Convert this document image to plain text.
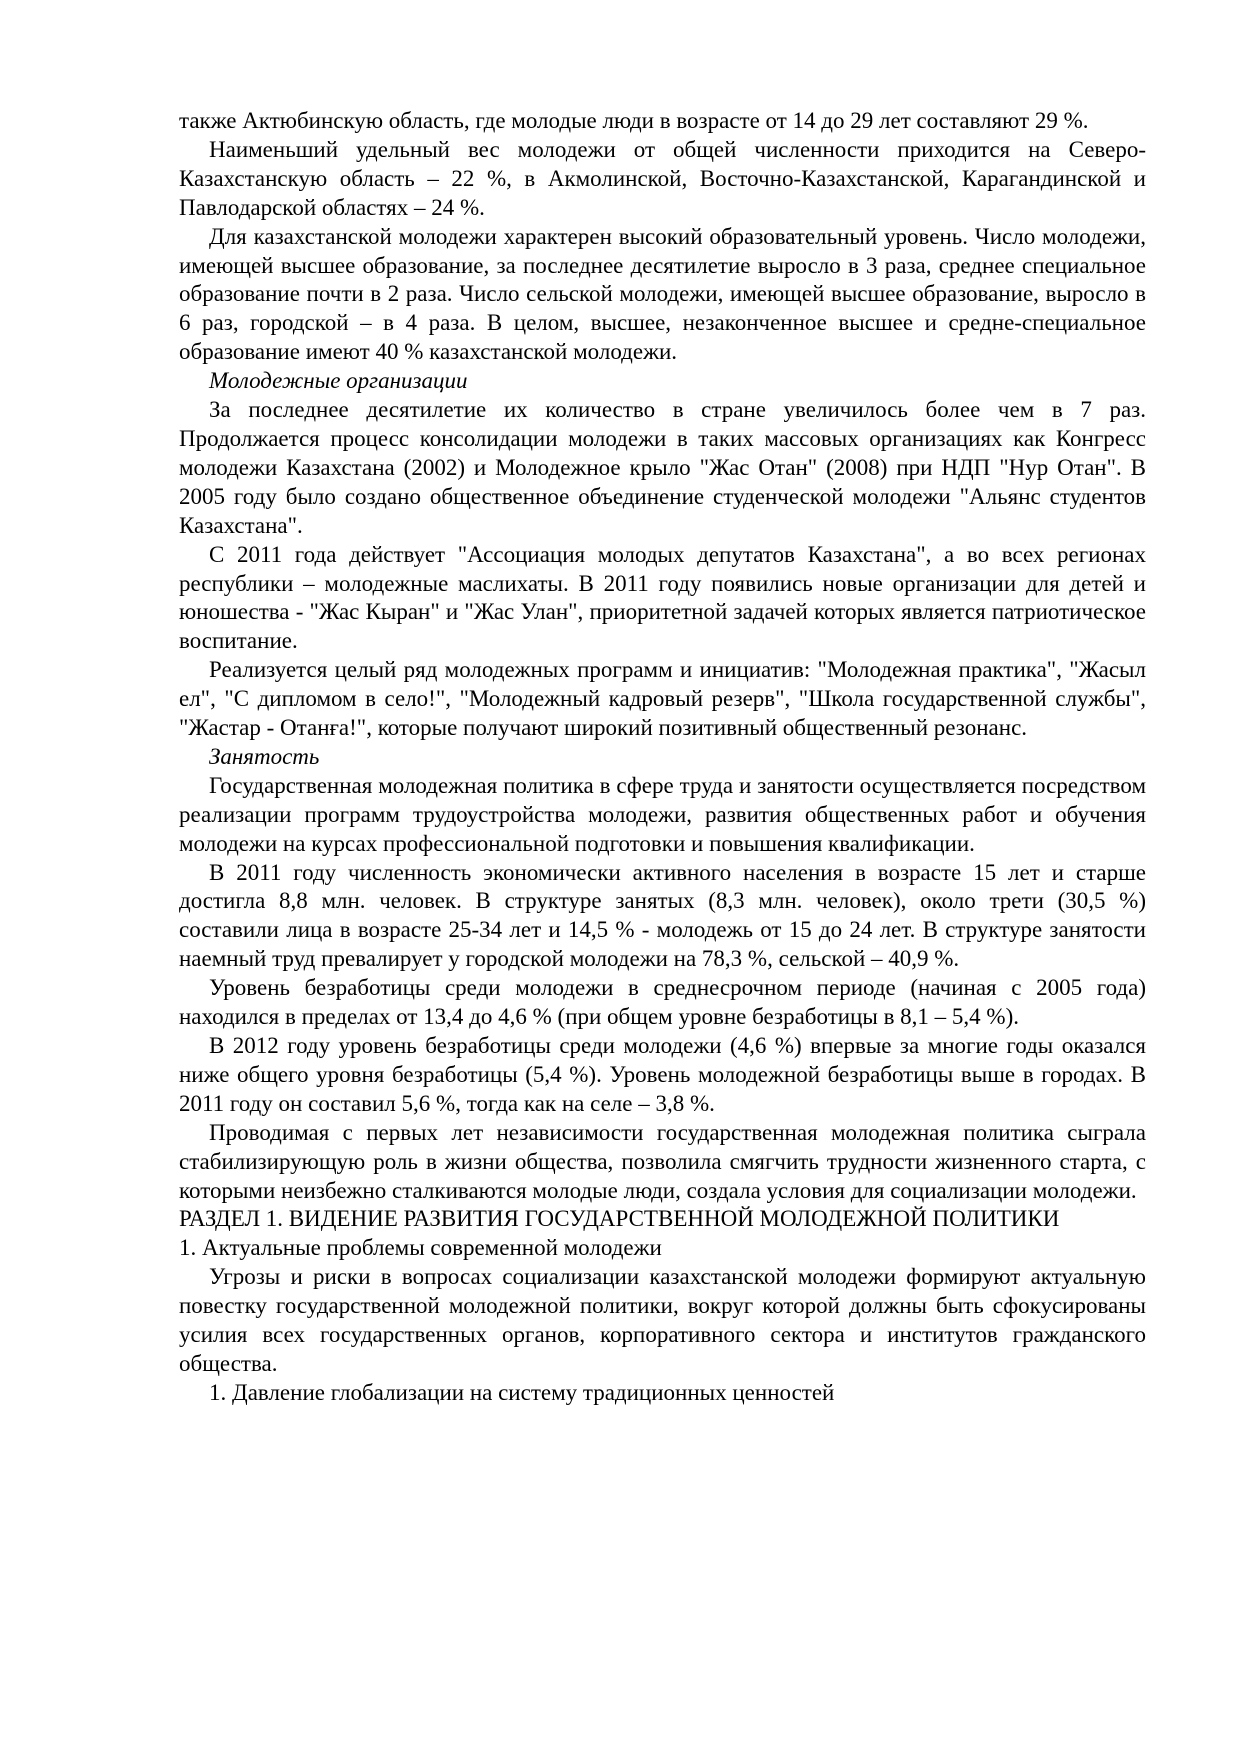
также Актюбинскую область, где молодые люди в возрасте от 14 до 29 лет составляют 29 %.

Наименьший удельный вес молодежи от общей численности приходится на Северо-Казахстанскую область – 22 %, в Акмолинской, Восточно-Казахстанской, Карагандинской и Павлодарской областях – 24 %.

Для казахстанской молодежи характерен высокий образовательный уровень. Число молодежи, имеющей высшее образование, за последнее десятилетие выросло в 3 раза, среднее специальное образование почти в 2 раза. Число сельской молодежи, имеющей высшее образование, выросло в 6 раз, городской – в 4 раза. В целом, высшее, незаконченное высшее и средне-специальное образование имеют 40 % казахстанской молодежи.

Молодежные организации

За последнее десятилетие их количество в стране увеличилось более чем в 7 раз. Продолжается процесс консолидации молодежи в таких массовых организациях как Конгресс молодежи Казахстана (2002) и Молодежное крыло "Жас Отан" (2008) при НДП "Нур Отан". В 2005 году было создано общественное объединение студенческой молодежи "Альянс студентов Казахстана".

С 2011 года действует "Ассоциация молодых депутатов Казахстана", а во всех регионах республики – молодежные маслихаты. В 2011 году появились новые организации для детей и юношества - "Жас Кыран" и "Жас Улан", приоритетной задачей которых является патриотическое воспитание.

Реализуется целый ряд молодежных программ и инициатив: "Молодежная практика", "Жасыл ел", "С дипломом в село!", "Молодежный кадровый резерв", "Школа государственной службы", "Жастар - Отанға!", которые получают широкий позитивный общественный резонанс.

Занятость

Государственная молодежная политика в сфере труда и занятости осуществляется посредством реализации программ трудоустройства молодежи, развития общественных работ и обучения молодежи на курсах профессиональной подготовки и повышения квалификации.

В 2011 году численность экономически активного населения в возрасте 15 лет и старше достигла 8,8 млн. человек. В структуре занятых (8,3 млн. человек), около трети (30,5 %) составили лица в возрасте 25-34 лет и 14,5 % - молодежь от 15 до 24 лет. В структуре занятости наемный труд превалирует у городской молодежи на 78,3 %, сельской – 40,9 %.

Уровень безработицы среди молодежи в среднесрочном периоде (начиная с 2005 года) находился в пределах от 13,4 до 4,6 % (при общем уровне безработицы в 8,1 – 5,4 %).

В 2012 году уровень безработицы среди молодежи (4,6 %) впервые за многие годы оказался ниже общего уровня безработицы (5,4 %). Уровень молодежной безработицы выше в городах. В 2011 году он составил 5,6 %, тогда как на селе – 3,8 %.

Проводимая с первых лет независимости государственная молодежная политика сыграла стабилизирующую роль в жизни общества, позволила смягчить трудности жизненного старта, с которыми неизбежно сталкиваются молодые люди, создала условия для социализации молодежи.

РАЗДЕЛ 1. ВИДЕНИЕ РАЗВИТИЯ ГОСУДАРСТВЕННОЙ МОЛОДЕЖНОЙ ПОЛИТИКИ

1. Актуальные проблемы современной молодежи

Угрозы и риски в вопросах социализации казахстанской молодежи формируют актуальную повестку государственной молодежной политики, вокруг которой должны быть сфокусированы усилия всех государственных органов, корпоративного сектора и институтов гражданского общества.

1. Давление глобализации на систему традиционных ценностей
